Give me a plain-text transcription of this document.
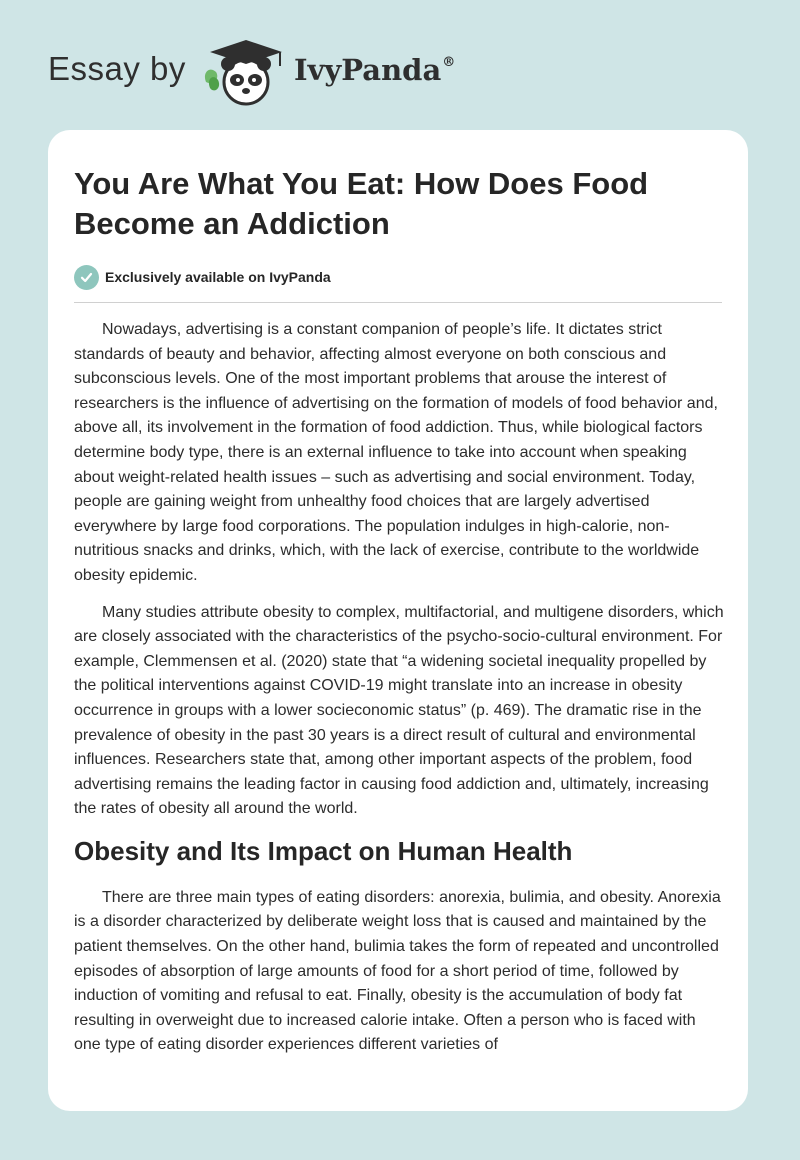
Essay by	IvyPanda®
You Are What You Eat: How Does Food Become an Addiction
Exclusively available on IvyPanda

Nowadays, advertising is a constant companion of people’s life. It dictates strict standards of beauty and behavior, affecting almost everyone on both conscious and subconscious levels. One of the most important problems that arouse the interest of researchers is the influence of advertising on the formation of models of food behavior and, above all, its involvement in the formation of food addiction. Thus, while biological factors determine body type, there is an external influence to take into account when speaking about weight-related health issues – such as advertising and social environment. Today, people are gaining weight from unhealthy food choices that are largely advertised everywhere by large food corporations. The population indulges in high-calorie, non-nutritious snacks and drinks, which, with the lack of exercise, contribute to the worldwide obesity epidemic.

Many studies attribute obesity to complex, multifactorial, and multigene disorders, which are closely associated with the characteristics of the psycho-socio-cultural environment. For example, Clemmensen et al. (2020) state that “a widening societal inequality propelled by the political interventions against COVID-19 might translate into an increase in obesity occurrence in groups with a lower socieconomic status” (p. 469). The dramatic rise in the prevalence of obesity in the past 30 years is a direct result of cultural and environmental influences. Researchers state that, among other important aspects of the problem, food advertising remains the leading factor in causing food addiction and, ultimately, increasing the rates of obesity all around the world.

Obesity and Its Impact on Human Health

There are three main types of eating disorders: anorexia, bulimia, and obesity. Anorexia is a disorder characterized by deliberate weight loss that is caused and maintained by the patient themselves. On the other hand, bulimia takes the form of repeated and uncontrolled episodes of absorption of large amounts of food for a short period of time, followed by induction of vomiting and refusal to eat. Finally, obesity is the accumulation of body fat resulting in overweight due to increased calorie intake. Often a person who is faced with one type of eating disorder experiences different varieties of
